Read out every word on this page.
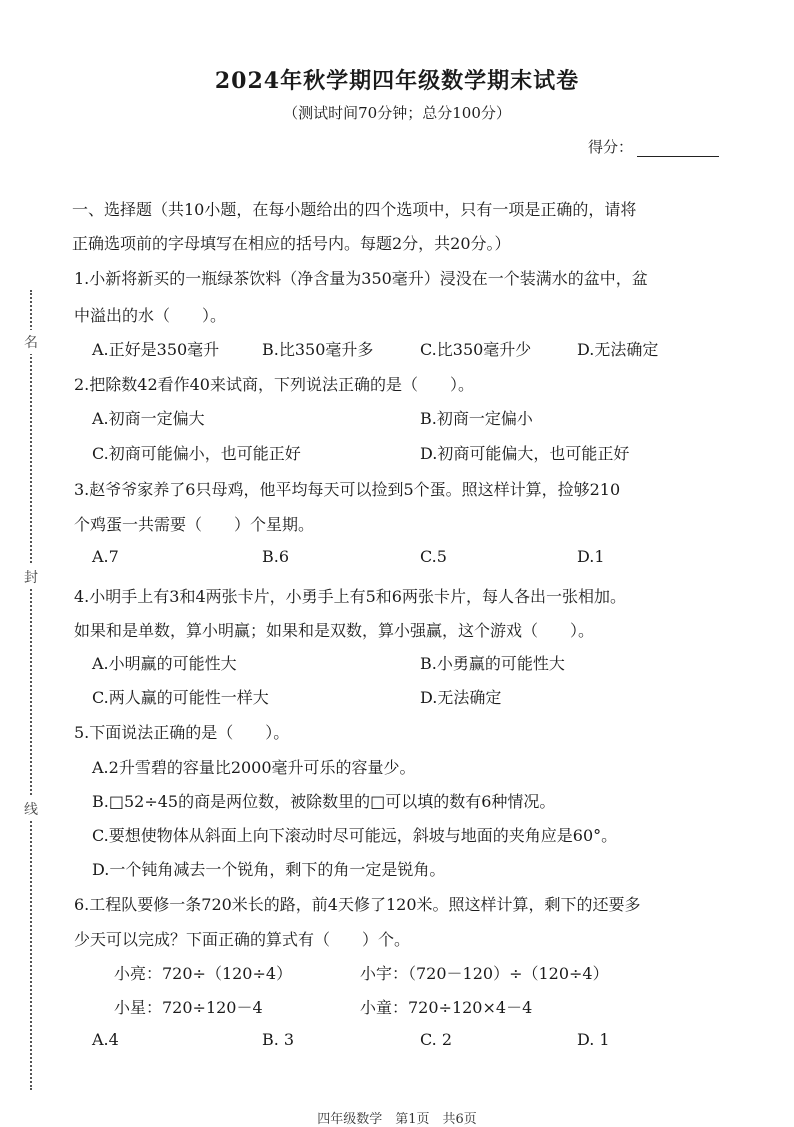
名
封
线
2024年秋学期四年级数学期末试卷
（测试时间70分钟；总分100分）
得分：
一、选择题（共10小题，在每小题给出的四个选项中，只有一项是正确的，请将
正确选项前的字母填写在相应的括号内。每题2分，共20分。）
1.小新将新买的一瓶绿茶饮料（净含量为350毫升）浸没在一个装满水的盆中，盆
中溢出的水（　　）。
A.正好是350毫升	B.比350毫升多	C.比350毫升少	D.无法确定
2.把除数42看作40来试商，下列说法正确的是（　　）。
A.初商一定偏大	B.初商一定偏小
C.初商可能偏小，也可能正好	D.初商可能偏大，也可能正好
3.赵爷爷家养了6只母鸡，他平均每天可以捡到5个蛋。照这样计算，捡够210
个鸡蛋一共需要（　　）个星期。
A.7	B.6	C.5	D.1
4.小明手上有3和4两张卡片，小勇手上有5和6两张卡片，每人各出一张相加。
如果和是单数，算小明赢；如果和是双数，算小强赢，这个游戏（　　）。
A.小明赢的可能性大	B.小勇赢的可能性大
C.两人赢的可能性一样大	D.无法确定
5.下面说法正确的是（　　）。
A.2升雪碧的容量比2000毫升可乐的容量少。
B.□52÷45的商是两位数，被除数里的□可以填的数有6种情况。
C.要想使物体从斜面上向下滚动时尽可能远，斜坡与地面的夹角应是60°。
D.一个钝角减去一个锐角，剩下的角一定是锐角。
6.工程队要修一条720米长的路，前4天修了120米。照这样计算，剩下的还要多
少天可以完成？下面正确的算式有（　　）个。
小亮：720÷（120÷4）	小宇：（720－120）÷（120÷4）
小星：720÷120－4	小童：720÷120×4－4
A.4	B. 3	C. 2	D. 1
四年级数学　第1页　共6页
